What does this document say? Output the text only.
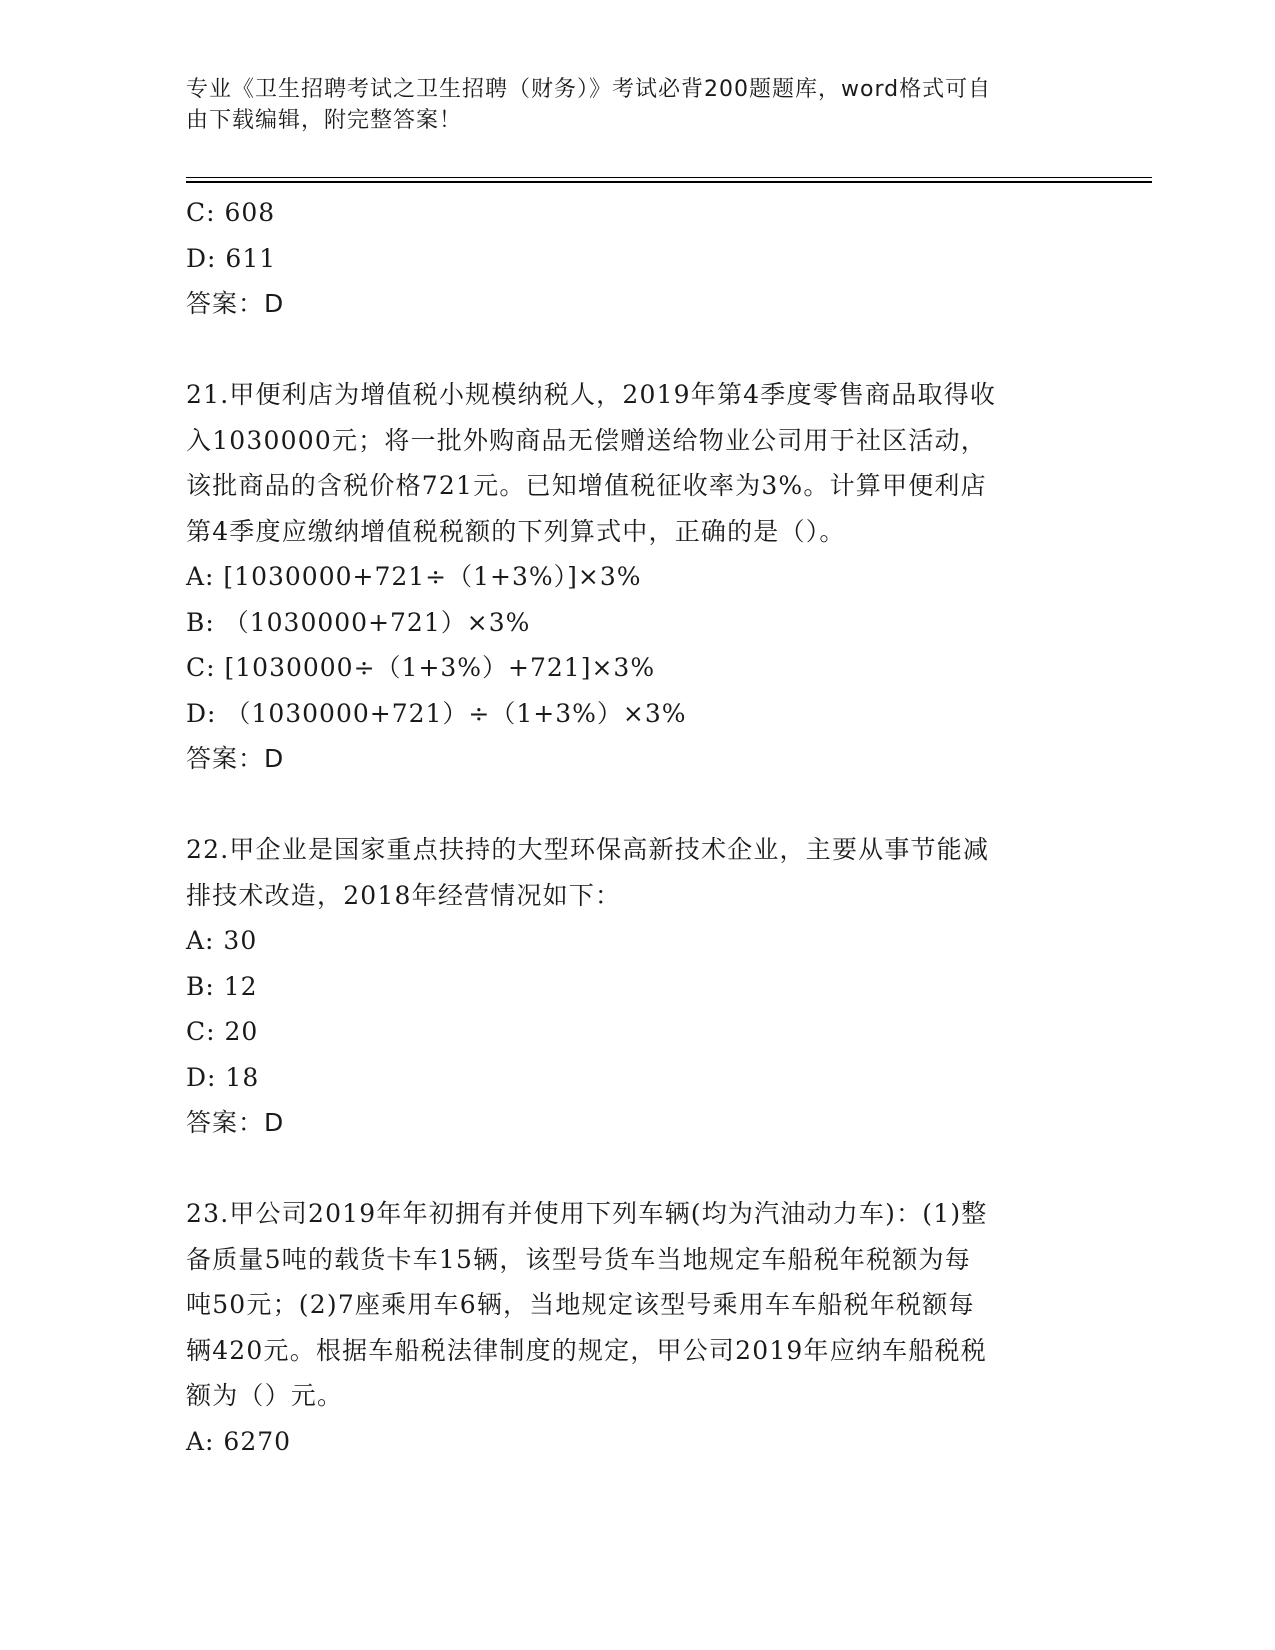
专业《卫生招聘考试之卫生招聘（财务）》考试必背200题题库，word格式可自
由下载编辑，附完整答案！
C: 608
D: 611
答案：D
21.甲便利店为增值税小规模纳税人，2019年第4季度零售商品取得收
入1030000元；将一批外购商品无偿赠送给物业公司用于社区活动，
该批商品的含税价格721元。已知增值税征收率为3%。计算甲便利店
第4季度应缴纳增值税税额的下列算式中，正确的是（）。
A: [1030000+721÷（1+3%）]×3%
B: （1030000+721）×3%
C: [1030000÷（1+3%）+721]×3%
D: （1030000+721）÷（1+3%）×3%
答案：D
22.甲企业是国家重点扶持的大型环保高新技术企业，主要从事节能减
排技术改造，2018年经营情况如下：
A: 30
B: 12
C: 20
D: 18
答案：D
23.甲公司2019年年初拥有并使用下列车辆(均为汽油动力车)：(1)整
备质量5吨的载货卡车15辆，该型号货车当地规定车船税年税额为每
吨50元；(2)7座乘用车6辆，当地规定该型号乘用车车船税年税额每
辆420元。根据车船税法律制度的规定，甲公司2019年应纳车船税税
额为（）元。
A: 6270
